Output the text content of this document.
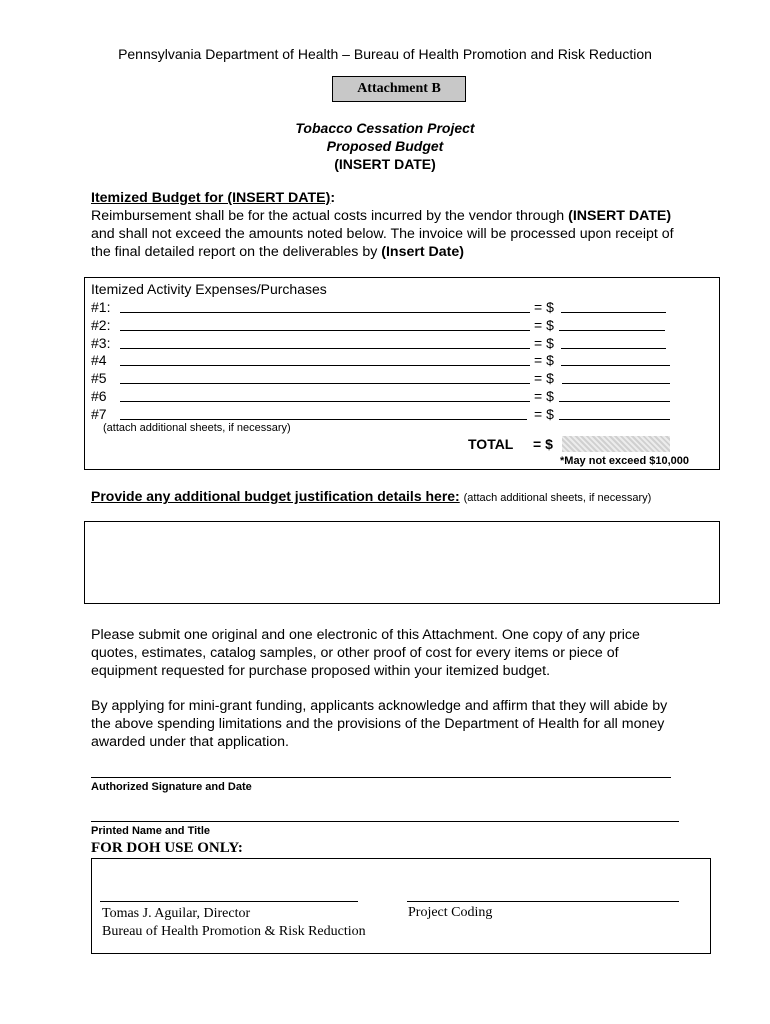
Pennsylvania Department of Health – Bureau of Health Promotion and Risk Reduction
Attachment B
Tobacco Cessation Project
Proposed Budget
(INSERT DATE)
Itemized Budget for (INSERT DATE):
Reimbursement shall be for the actual costs incurred by the vendor through (INSERT DATE) and shall not exceed the amounts noted below. The invoice will be processed upon receipt of the final detailed report on the deliverables by (Insert Date)
Itemized Activity Expenses/Purchases
#1:	= $
#2:	= $
#3:	= $
#4	= $
#5	= $
#6	= $
#7	= $
(attach additional sheets, if necessary)
TOTAL = $
*May not exceed $10,000
Provide any additional budget justification details here: (attach additional sheets, if necessary)
Please submit one original and one electronic of this Attachment. One copy of any price quotes, estimates, catalog samples, or other proof of cost for every items or piece of equipment requested for purchase proposed within your itemized budget.
By applying for mini-grant funding, applicants acknowledge and affirm that they will abide by the above spending limitations and the provisions of the Department of Health for all money awarded under that application.
Authorized Signature and Date
Printed Name and Title
FOR DOH USE ONLY:
Tomas J. Aguilar, Director
Bureau of Health Promotion & Risk Reduction
Project Coding
